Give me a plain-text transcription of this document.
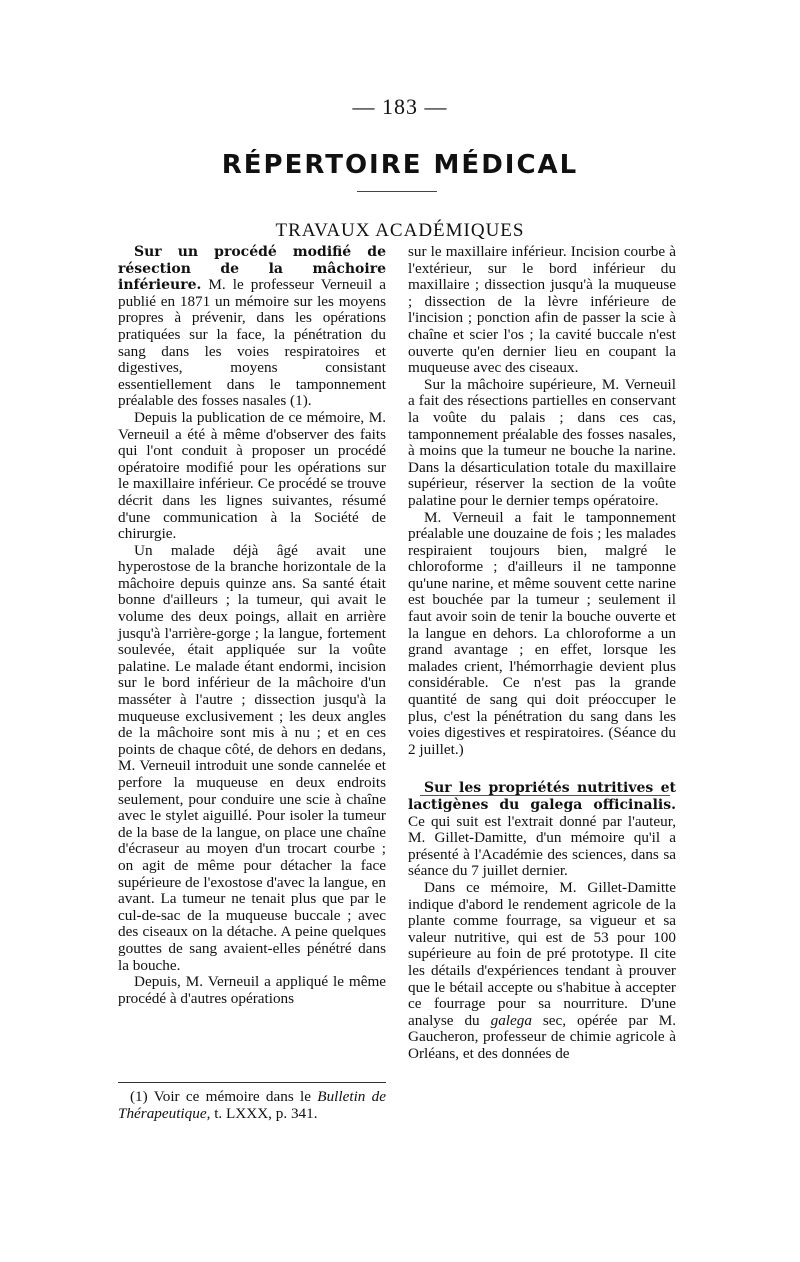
— 183 —
RÉPERTOIRE MÉDICAL
TRAVAUX ACADÉMIQUES

Sur un procédé modifié de résection de la mâchoire inférieure. M. le professeur Verneuil a publié en 1871 un mémoire sur les moyens propres à prévenir, dans les opérations pratiquées sur la face, la pénétration du sang dans les voies respiratoires et digestives, moyens consistant essentiellement dans le tamponnement préalable des fosses nasales (1).

Depuis la publication de ce mémoire, M. Verneuil a été à même d'observer des faits qui l'ont conduit à proposer un procédé opératoire modifié pour les opérations sur le maxillaire inférieur. Ce procédé se trouve décrit dans les lignes suivantes, résumé d'une communication à la Société de chirurgie.

Un malade déjà âgé avait une hyperostose de la branche horizontale de la mâchoire depuis quinze ans. Sa santé était bonne d'ailleurs ; la tumeur, qui avait le volume des deux poings, allait en arrière jusqu'à l'arrière-gorge ; la langue, fortement soulevée, était appliquée sur la voûte palatine. Le malade étant endormi, incision sur le bord inférieur de la mâchoire d'un masséter à l'autre ; dissection jusqu'à la muqueuse exclusivement ; les deux angles de la mâchoire sont mis à nu ; et en ces points de chaque côté, de dehors en dedans, M. Verneuil introduit une sonde cannelée et perfore la muqueuse en deux endroits seulement, pour conduire une scie à chaîne avec le stylet aiguillé. Pour isoler la tumeur de la base de la langue, on place une chaîne d'écraseur au moyen d'un trocart courbe ; on agit de même pour détacher la face supérieure de l'exostose d'avec la langue, en avant. La tumeur ne tenait plus que par le cul-de-sac de la muqueuse buccale ; avec des ciseaux on la détache. A peine quelques gouttes de sang avaient-elles pénétré dans la bouche.

Depuis, M. Verneuil a appliqué le même procédé à d'autres opérations

(1) Voir ce mémoire dans le Bulletin de Thérapeutique, t. LXXX, p. 341.

sur le maxillaire inférieur. Incision courbe à l'extérieur, sur le bord inférieur du maxillaire ; dissection jusqu'à la muqueuse ; dissection de la lèvre inférieure de l'incision ; ponction afin de passer la scie à chaîne et scier l'os ; la cavité buccale n'est ouverte qu'en dernier lieu en coupant la muqueuse avec des ciseaux.

Sur la mâchoire supérieure, M. Verneuil a fait des résections partielles en conservant la voûte du palais ; dans ces cas, tamponnement préalable des fosses nasales, à moins que la tumeur ne bouche la narine. Dans la désarticulation totale du maxillaire supérieur, réserver la section de la voûte palatine pour le dernier temps opératoire.

M. Verneuil a fait le tamponnement préalable une douzaine de fois ; les malades respiraient toujours bien, malgré le chloroforme ; d'ailleurs il ne tamponne qu'une narine, et même souvent cette narine est bouchée par la tumeur ; seulement il faut avoir soin de tenir la bouche ouverte et la langue en dehors. La chloroforme a un grand avantage ; en effet, lorsque les malades crient, l'hémorrhagie devient plus considérable. Ce n'est pas la grande quantité de sang qui doit préoccuper le plus, c'est la pénétration du sang dans les voies digestives et respiratoires. (Séance du 2 juillet.)

Sur les propriétés nutritives et lactigènes du galega officinalis. Ce qui suit est l'extrait donné par l'auteur, M. Gillet-Damitte, d'un mémoire qu'il a présenté à l'Académie des sciences, dans sa séance du 7 juillet dernier.

Dans ce mémoire, M. Gillet-Damitte indique d'abord le rendement agricole de la plante comme fourrage, sa vigueur et sa valeur nutritive, qui est de 53 pour 100 supérieure au foin de pré prototype. Il cite les détails d'expériences tendant à prouver que le bétail accepte ou s'habitue à accepter ce fourrage pour sa nourriture. D'une analyse du galega sec, opérée par M. Gaucheron, professeur de chimie agricole à Orléans, et des données de
